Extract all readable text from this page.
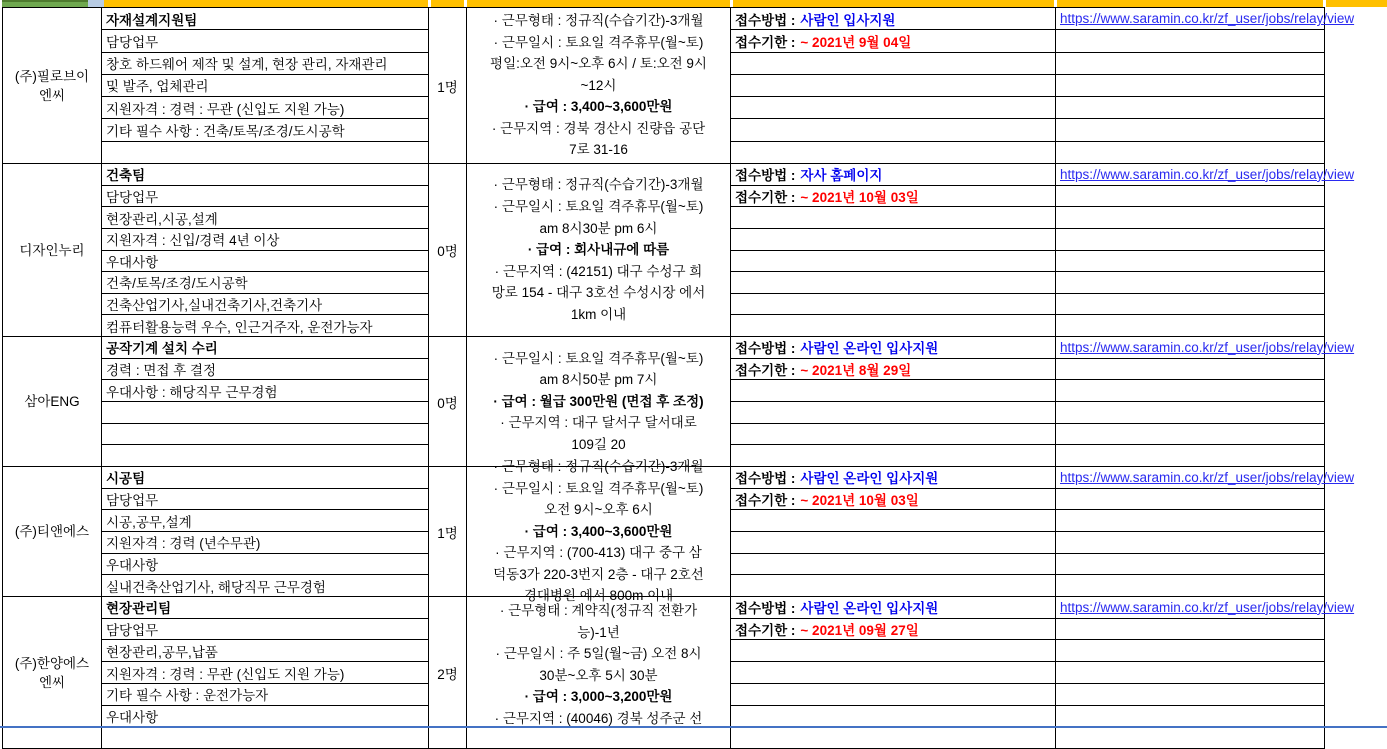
(주)필로브이
엔씨
자재설계지원팀
담당업무
창호 하드웨어 제작 및 설계, 현장 관리, 자재관리
및 발주, 업체관리
지원자격 : 경력 : 무관 (신입도 지원 가능)
기타 필수 사항 : 건축/토목/조경/도시공학
1명
· 근무형태 : 정규직(수습기간)-3개월
· 근무일시 : 토요일 격주휴무(월~토)
평일:오전 9시~오후 6시 / 토:오전 9시
~12시
· 급여 : 3,400~3,600만원
· 근무지역 : 경북 경산시 진량읍 공단
7로 31-16
접수방법 : 사람인 입사지원
접수기한 : ~ 2021년 9월 04일
https://www.saramin.co.kr/zf_user/jobs/relay/view
디자인누리
건축팀
담당업무
현장관리,시공,설계
지원자격 : 신입/경력 4년 이상
우대사항
건축/토목/조경/도시공학
건축산업기사,실내건축기사,건축기사
컴퓨터활용능력 우수, 인근거주자, 운전가능자
0명
· 근무형태 : 정규직(수습기간)-3개월
· 근무일시 : 토요일 격주휴무(월~토)
am 8시30분 pm 6시
· 급여 : 회사내규에 따름
· 근무지역 : (42151) 대구 수성구 희
망로 154 - 대구 3호선 수성시장 에서
1km 이내
접수방법 : 자사 홈페이지
접수기한 : ~ 2021년 10월 03일
https://www.saramin.co.kr/zf_user/jobs/relay/view
삼아ENG
공작기계 설치 수리
경력 : 면접 후 결정
우대사항 : 해당직무 근무경험
0명
· 근무일시 : 토요일 격주휴무(월~토)
am 8시50분 pm 7시
· 급여 : 월급 300만원 (면접 후 조정)
· 근무지역 : 대구 달서구 달서대로
109길 20
접수방법 : 사람인 온라인 입사지원
접수기한 : ~ 2021년 8월 29일
https://www.saramin.co.kr/zf_user/jobs/relay/view
(주)티앤에스
시공팀
담당업무
시공,공무,설계
지원자격 : 경력 (년수무관)
우대사항
실내건축산업기사, 해당직무 근무경험
1명
· 근무형태 : 정규직(수습기간)-3개월
· 근무일시 : 토요일 격주휴무(월~토)
오전 9시~오후 6시
· 급여 : 3,400~3,600만원
· 근무지역 : (700-413) 대구 중구 삼
덕동3가 220-3번지 2층 - 대구 2호선
경대병원 에서 800m 이내
접수방법 : 사람인 온라인 입사지원
접수기한 : ~ 2021년 10월 03일
https://www.saramin.co.kr/zf_user/jobs/relay/view
(주)한양에스
엔씨
현장관리팀
담당업무
현장관리,공무,납품
지원자격 : 경력 : 무관 (신입도 지원 가능)
기타 필수 사항 : 운전가능자
우대사항
2명
· 근무형태 : 계약직(정규직 전환가
능)-1년
· 근무일시 : 주 5일(월~금) 오전 8시
30분~오후 5시 30분
· 급여 : 3,000~3,200만원
· 근무지역 : (40046) 경북 성주군 선
접수방법 : 사람인 온라인 입사지원
접수기한 : ~ 2021년 09월 27일
https://www.saramin.co.kr/zf_user/jobs/relay/view
